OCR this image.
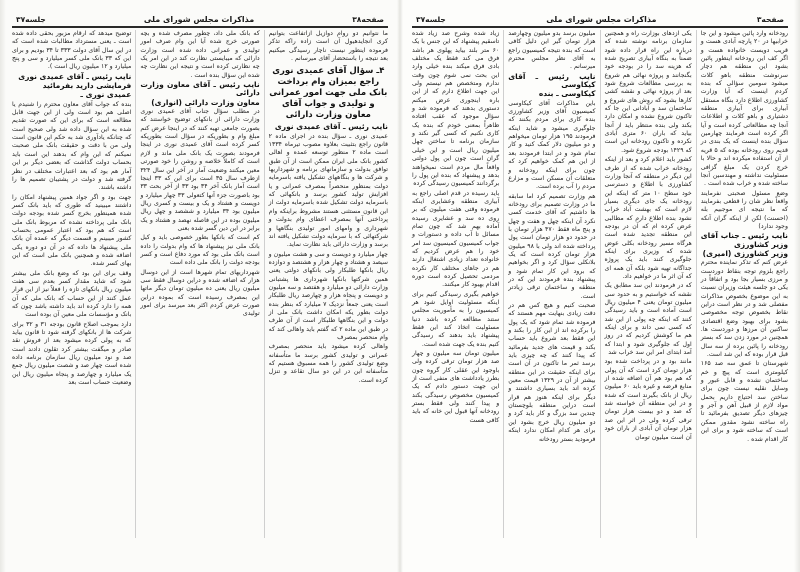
صفحه۳۸
مذاکرات مجلس شورای ملی
جلسه۳۷

ما نتوانیم دو روام دوازیل ازاتفاعت بتوانیم کری انجایدهیول آن است زاده راکه تذکر فرموده اینطور نیست ناچار رسیدگی میکنیم بعد نتیجه را باستحضار آقای میرسانم .

۴ـ سؤال آقای عمیدی نوری راجع بمیزان وام برداخت بانک ملی جهت امور عمرانی و تولیدی و جواب آقای معاون وزارت دارائی

نایب رئیس ـ آقای عمیدی نوری

عمیدی نوری ـ سؤال بنده در اجرای ماده ۲ قانون راجع بتثبیت بعلاوه مصوب تیرماه ۱۳۳۴ است ماده ۲ منظور توسعه عمده و اهالی کشور بانک ملی ایران ممکن است از آن طبق توافق بدولت و سازمانهای برنامه و شهرداریها و شرکت ها و بنگاههای تشکیل یافته باسرمایه دولت بمنظور منحصراً بمصرف عمرانی و یا افزایش تولید کشور برسد و بانکهائی که باسرمایه دولت تشکیل شده باسرمایه دولت از این قانون مستثنی هستند مشروط براینکه وام پرداختی آنها بمصرف اعطای وام بدولت و شهرداری و وامهای امور تولیدی بنگاهها و شرکتهائی که با سرمایه دولت تشکیل یافته اند برسد و وزارت دارائی باید نظارت نماید.

چهار میلیارد و دویست و سی و هشت میلیون و سیصد و هشتاد و چهار هزار و هشتصد و دوازده ریال بانکها طلبکار ولی بانکهای دولتی یعنی همین شرکتها بانکها شهرداری ها پشتبانی وزارت دارائی دو میلیارد و هفتصد و سه میلیون و دویست و پنجاه هزار و چهارصد ریال طلبکار است یعنی جمعاً نزدیک ۷ میلیارد که بنظر بنده دولت بطور یکه امکان داشت بانک ملی از دولت و این بنگاهها طلبکار است از آن طرف در طبق این ماده ۲ که گفتم باید واهالی کند که وام منحصر بمصرف

واهالی کرده میشود باید منحصر بمصرف عمرانی و تولیدی کشور برسد ما متأسفانه وضع تولیدی کشور را همه مسبوق هستیم که متأسفانه این در این دو سال تقاعد و تنزل کرده است.

که بانک ملی داد، چطور مصرف شده و بچه صورتی خرج شده آیا این وام صرف امور تولیدی و عمرانی داده شده است وزارت دارائی که میبایستی نظارت کند در این امر یک چه نظارتی کرده است و نتیجه این نظارت چه شده این سؤال بنده است .

نایب رئیس ـ آقای معاون وزارت دارائی

معاون وزارت دارائی (انواری)

در مطلب سؤال جناب آقای عمیدی نوری وزارت دارائی از بانکهای توضیح خواستند که بصورت جامعی تهیه کنند که در اینجا عرض کنم مبلغ وام و بطوریکه در سؤال است بطوریکه کسر کرده است آقای عمیدی نوری در اینجا فرمودند بصورت یک بانک ملی ماند و لازم است که کاملاً خلاصه و روشن را خود صورتی معین میکنند وضعیت آمار در آخر این سال ۳۲۴ ازطرف سال ۳۵ است برای این که ۳۳ اینجا است آمار بانک آخر ۳۴ بود ۳۳ از آخر بحث ۳۳ بود باصورت جزء آنها کتعولی ۳۳ چهار میلیارد و دویست و هشتاد و یک و بیست و کسری ریال میلیون بود ۳۴ میلیارد و ششصد و چهل ریال میلیون بوده در این فاصله نهصد و هشتاد و یک برابر در این دین گسر شده بعنی

کم است که بانکها بطور خصوصی باید و کیل بانک ملی نیز پیشنهاد ها که وام بدولت را داده است بانک ملی بود که مورد دفاع است و کسر بودجه دولت را بانک ملی داده است

شهرداریهای تمام شهرها است از این دوسال هزار که اضافه شده و دراین دوسال فقط سی میلیون ریال یعنی ده میلیون تومان دیگر ماتها این بمصرف رسیده است که بموده دراین صورت عرض کردم اکثر بعد میرسد برای امور تولیدی

توضیح میدهد که ارقام مزبور بحقی داده شده است ـ یعنی مسترداد مطالبات شده است که در این سال آقای دولت ۳۳۳ تا ۳۴ بودیم و برای این که ۳۳ بانک ملی کسر میلیارد و سی و پنج میلیارد و ۱۲ میلیون ریال است ).

نایب رئیس ـ آقای عمیدی نوری

فرمایشی دارید بفرمائید

عمیدی نوری ـ

بنده که جواب آقای معاون محترم را شنیدم یا اصلی هم بود است ولی از این جهت قابل مطالعه است که برای این که صورت تقدیم شده به این سؤال داده شد ولی صحیح است که چنانکه یادآوری شد به حکم این قانون است ولی من با دقت و حقیقت بانک ملی صحبت نمیکنم که این وام که بدهند این است باید بحساب دولت گذاشت که بعضی دیگر بر این آمار هم بود که بعد اعتبارات مختلف در نظر گرفته شد و دولت در پشتیبان تصمیم ها را داشته باشند.

جهت بود و اگر جواد همین پیشنهاد امکان را داشتند میبینید که طوری که باید بانک کسر شده همینطور بخرج کسر شده بودجه دولت بانک ملی پرداخته نشده که مربوط بانک ملی است که هم بود که اعتبار عمومی بحساب کشور میبینم و قسمت دیگر که عمده آن بانک ملی پیشنهاد ها داده که در آن دو دوره یکی اضافه شده و همچنین بانک ملی است که این بهای کسر شده.

وقف برای این بود که وضع بانک ملی بیشتر شود که شاید مقدار کسر بعدم سی هفت میلیون ریال بانکهای تازه را فعلاً نیز از این قرار عمل کنند از این حساب که بانک ملی که آن همه را دارد کرده اند باید داشته باشد چون که بانک و مؤسسات ملی معین آن بوده است

دارد بموجب اصلاح قانون بودجه ۳۱ و ۳۲ برای شرکت ها از بانکهای گرفته شود تا قانون بیاید که به پولی کرده میشود بعد از فروش نقد صادر و میگفت بیشتر کرد تقلون دادند است صد و نود میلیون ریال سازمان برنامه داده شده است چهار صد و شصت میلیون ریال جمع یک میلیارد و چهارصد و پنجاه میلیون ریال این وضعیت حساب است بعد

صفحه۳
مذاکرات مجلس شورای ملی
جلسه۳۷

رودخانه وارد پائین میشود و این جا خرابیها در ۲۰ پارچه آبادی هست و قریب دویست خانواده هست و اگر کف این رودخانه اینطور پائین بشود این منطقه هم دچار سرنوشت منطقه باهو کلات میشود سومین سؤالی که بنده کردم اینست که آیا وزارت کشاورزی اطلاع دارد بنگاه مستقل آبیاری برای آبیاری منطقه دشتیاری و باهو کلات و اطلاعات آنجا چه مطالعاتی کرده است و آیا اگر کرده است فرمایند چهارمین سؤال بنده اینست که یک بندی در قدیم روی رودخانه بوده که ۵ قریه از آن استفاده میکرده اند و حالا با خرج کردن یک مبلغ گزافی مسئولیت نداشته و مهندسین آنجا ساخته شده و خراب شده است .

وضع مسئول صحبتی نفرمایند واقعاً نظر شان را قطعی بفرمایند که ما نتیجه ای موجبیم بله (احسنت) لکن از اینکه گران آنکه وجود ندارد)

نایب رئیس ـ جناب آقای وزیر کشاورزی

وزیر کشاورزی (امیری)

عرض کنم که تذکر نماینده محترم راجع بلزوم توجه بنقاط دوردست و مرزی بسیار بجا بود و اتفاقاً در یکی دو جلسه هیئت وزیران نسبت به این موضوع بخصوص مذاکرات مفصلی شد و در نظر است دراین نقاط بخصوص توجه مخصوصی بشود برای بهبود وضع اقتصادی ساکنین آن مرزها و دوردست ها. همچنین در مورد زدن سد که بستر رودخانه را پائین برده از سه سال قبل قرار بوده که این شد است.

شهرستان تا عمق سه صد ۱۶۵ کیلومتری است که پیچ و خم ساختمان نشده و قابل عبور و وسایل نقلیه نیست چون برای ساختن سد احتیاج داریم بحمل مواد لازم از قبیل آهن و آجر و چیزهای دیگر تصدیق بفرمائید تا راه ساخته نشود مقدور ممکن است که ساخته شود و برای این کار اقدام شده .

یکی ازدهای بوزارت راه و همچنین سازمان برنامه نوشته شده که درباره این راه قرار داده شود ضمناً به بنگاه آبیاری تصریح شده که هزینه سد را در بودجه خود بگنجانند و پروژه نهائی هم شروع به بررسی مطالعات شروع شود بعد از پروژه نهائی و نقشه کشی کارها بشود که روش های شروع و ساختمان سد و آبادانی این جا که تاکنون شروع نشده و امکان دارد بکند ولی بنده منتظر باید از آنجا بیاید که باران ۶۰ متری آبادی نکرده و تاکنون رودخانه این است که ۱۴۲۹ بودجه شروع شود.

کشور باید اعلام کرد و بعد از اینکه رودخانه خراب شده که از طرف این دیگر در منطقه که آنجا وزارت کشاورزی با اطلاع و دسترسی خود سطح ۱۰ متر که اینکه این رودخانه یک جای دیگری بسیار لازم است که بهشت آباد خراب نشود بنده اطلاع دارم که مطالبی عرض کرده ام که آن در بودجه این منطقه تجدید شده است هرگاه مسیر رودخانه بکلی عوض شده که وزیری برای اینکه جلوگیری کنند باید یک پروژه جداگانه تهیه شود بلکه آن همه ای که آن اثر ما در خواهیم داد.

که در فرمودند این سد مطابق یک نقشه که خواستیم و به حدود سی میلیون تومان یعنی ۴ میلیون ریال است آماده است و باید رسیدگی کنند که اینکه چه پولی از این شد که کسی نمی داند و برای اینکه هم ما کوشش کردیم که در روز اول که جلوگیری شود و ابتدا که آمد ابتدای امر این سد خراب شد

مانند بود و در پرداخت شده بود هزار تومان کرد است که آن پولی که هم بود هم آن اضافه شده از منابع قرضه و غیره باید ۶۰ میلیون ریال از بانک بگیرند است که شده و در این منطقه آن خواسته شد که صد و دو بیست هزار تومان ترقی کرده ولی در اثر این صد هزار تومان آن آبادی از باران خود آن است میلیون تومان

میلیون برسد بدو میلیون وچهارصد هزار تومان گیر این دلیل کافی است که بنده نتیجه کمیسیون راجع به آقای نظر مجلس محترم میرسانم .

نایب رئیس ـ آقای کیکاوسی

کیکاوسی ـ بنده

باین مذاکرات آقای کیکاوسی کمیسیون آقای وزیر کشاورزی بنده کاری برای مردم بکنند که جلوگیری میشود و شاید اینکه فرمودند ۱۹۵ هزار تومان میخواهم و دو میلیون دلار کمک کنید و کار تمام شود و در ابتدا فرمودند بعد از این هم کمک خواهیم کرد که چون برای اینکه رودخانه و متعلقات آن مسکن است و مزارع مردم را آب برده است.

هم وزارت تصمیم کرد اما سابقه ما در وزارت تصمیم برای رودخانه ها داشتیم که آقای خدمت کسی نکرد آن اینکه چهل و هفت و چهل و پنج ماه فقط ۴۷۰ هزار تومان با در حدود دو هزار تومان است پول پرداخته شده اند ولی با ۹۸ میلیون هزار تومان کرده است که یک بلانکلی سؤال کرد و اگر بخواهیم که برود این کار تمام شود و پیشنهاد بنده فرمودند این که در منطقه و ساختمان ترقی زیادتر است.

صحبت کنیم و هیچ کس هم در دقت زیادی بنهایت مهم هستند که فرموده شد تمام شود که یک پول را برکرده اند از این کار را بکند و این فقط بعد شروع باید حساب بکند و قیمت های جدید بفرمائید که پیدا کنند که چه چیزی باید برسد ثمر ما تاکنون در آن است برای اینکه حقیقت در این منطقه بیشتر از آن در ۱۳۲۹ قیمت معین کرده اند باید بسیاری داشتند و دیگر برای اینکه هنوز هم قرار است دراین منطقه بلوچستان چندین سد بزرگ و کار باید کرد و دو میلیون ریال خرج بشود این برای هر کدام امکان ندارد اینکه فرمودید بستر رودخانه

زیاد شده وشرح صد زیاد شده تاسقیم پیشنهاد که این جنس با یک ۶۰ متر بلند بیاید پهلوی هر باشد فرق می کند فقط یک مختلف بادی فرق میکند بنده خیلی وارد این بحث نمی شوم چون وقت ندارم ومتخصص هم نیستم ولی این جهت اطلاع دارم که از این باره اینجوری عرض میکنم دستوری بدهند که فرموده شد و سؤال موجود که عقب افتاده ظاهراً بمعنی خودم که بنده یک کاری نکنیم که کسی گیر نکند و سازمان برنامه تا ساختن چهل میلیون ریال است و این خیلی گران است چون این پول دولتی واقعاً مال مردم است نمیخواهند بدهد و پیشنهاد که بنده این پول را برگردانند کمیسیون رسیدگی کرده

باید رسیده در قدم اصلی راجع به آبیاری منطقه وعشایری اینکه فرموده وقتی هفت میلیون که بر روی ده سد و عشایری رسیده آماده بهم شد که چون تمام مسائل تا آب داده و دستورات و جواب کمیسیون کمیسیون سد امر خود را هم عرض کردیم که خانواده تعداد زیادی اشتغال دارند هم در جاهای مختلف کار نکرده مردمی تحصیل کرده است دوره اقدام بهبود کار میکنند.

خواهیم بگیری رسیدگی کنیم برای اینکه مسئولیت اوایل شود هر کمیسیون را به مأموریت مجلس ستند مطالعه کرده باشد دنیا مسئولیت اتخاذ کند این فقط پیشنهاد باید بدهند که رسیدگی کنیم بنده یک جهت شده است.

میلیون تومان سه میلیون و چهار صد هزار تومان ترقی کرده ولی باوجود این عقلی کار گروه چون بطرز یادداشت های منفی است از این جهت دستور دادم که یک کمیسیون مخصوص رسیدگی بکند و پیدا کنند ولی فقط بستر رودخانه آنها قبول این خانه که باید کافی هست
